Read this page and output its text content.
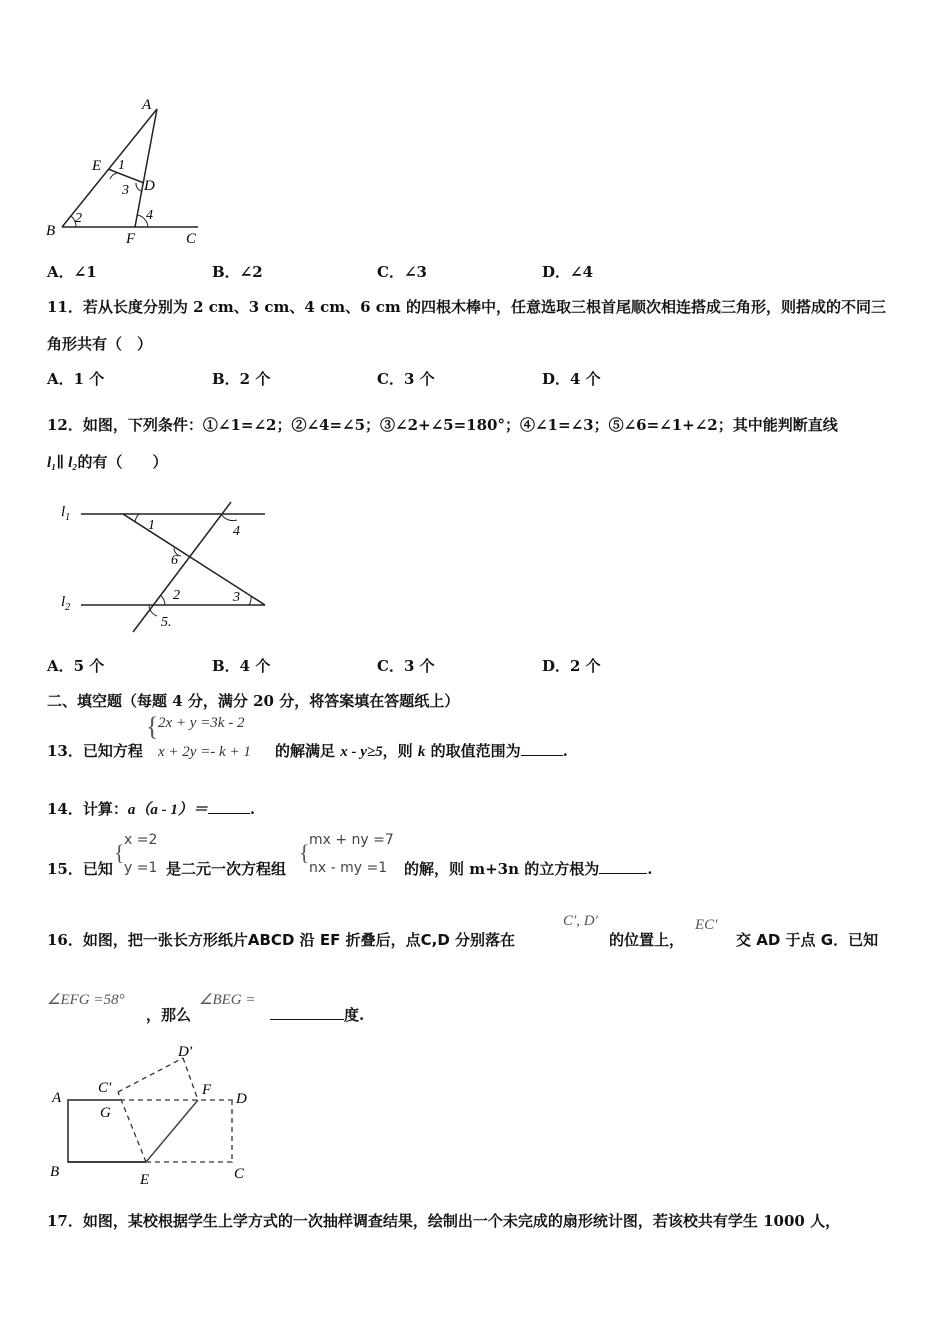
A
E 1
3 D
2	4
B	F	C
A．∠1	B．∠2	C．∠3	D．∠4
11．若从长度分别为 2 cm、3 cm、4 cm、6 cm 的四根木棒中，任意选取三根首尾顺次相连搭成三角形，则搭成的不同三
角形共有（　）
A．1 个	B．2 个	C．3 个	D．4 个
12．如图，下列条件：①∠1=∠2；②∠4=∠5；③∠2+∠5=180°；④∠1=∠3；⑤∠6=∠1+∠2；其中能判断直线
l₁∥ l₂的有（　　）
$l_1$
$l_2$
1	4
6
2	3
5.
A．5 个	B．4 个	C．3 个	D．2 个
二、填空题（每题 4 分，满分 20 分，将答案填在答题纸上）
13．已知方程
{ 2x + y =3k - 2
x + 2y =- k + 1 的解满足 x - y≥5，则 k 的取值范围为	.
14．计算：a（a - 1）＝	.
15．已知
{ x =2
y =1 是二元一次方程组
{ mx + ny =7
nx - my =1 的解，则 m+3n 的立方根为	.
16．如图，把一张长方形纸片ABCD 沿 EF 折叠后，点C,D 分别落在
C′, D′
的位置上，
EC′
交 AD 于点 G．已知
∠EFG =58°
，那么
∠BEG =
度.
A
G
C'
D'
F
D
B	E	C
17．如图，某校根据学生上学方式的一次抽样调查结果，绘制出一个未完成的扇形统计图，若该校共有学生 1000 人，
